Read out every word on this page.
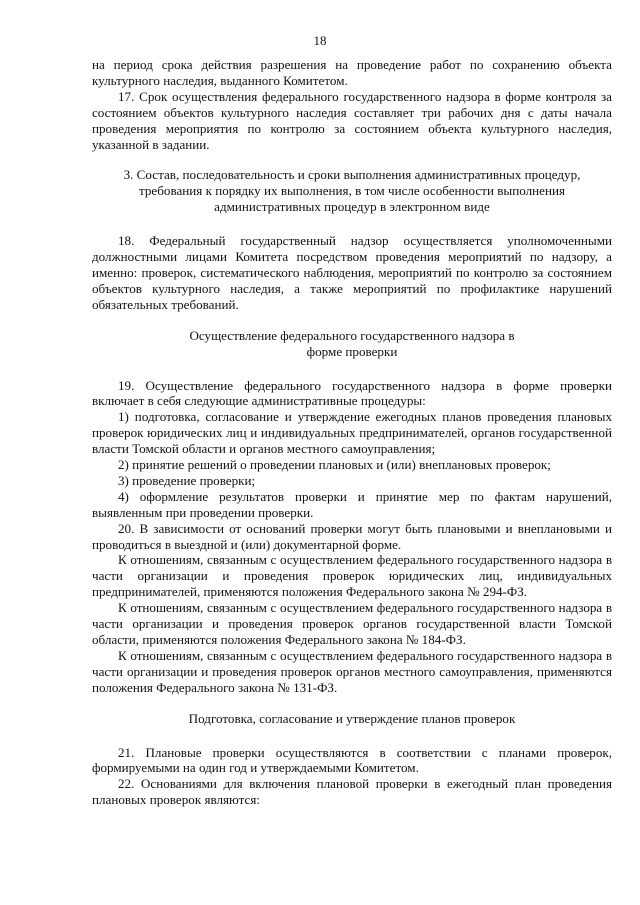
18
на период срока действия разрешения на проведение работ по сохранению объекта культурного наследия, выданного Комитетом.
17. Срок осуществления федерального государственного надзора в форме контроля за состоянием объектов культурного наследия составляет три рабочих дня с даты начала проведения мероприятия по контролю за состоянием объекта культурного наследия, указанной в задании.
3. Состав, последовательность и сроки выполнения административных процедур, требования к порядку их выполнения, в том числе особенности выполнения административных процедур в электронном виде
18. Федеральный государственный надзор осуществляется уполномоченными должностными лицами Комитета посредством проведения мероприятий по надзору, а именно: проверок, систематического наблюдения, мероприятий по контролю за состоянием объектов культурного наследия, а также мероприятий по профилактике нарушений обязательных требований.
Осуществление федерального государственного надзора в форме проверки
19. Осуществление федерального государственного надзора в форме проверки включает в себя следующие административные процедуры:
1) подготовка, согласование и утверждение ежегодных планов проведения плановых проверок юридических лиц и индивидуальных предпринимателей, органов государственной власти Томской области и органов местного самоуправления;
2) принятие решений о проведении плановых и (или) внеплановых проверок;
3) проведение проверки;
4) оформление результатов проверки и принятие мер по фактам нарушений, выявленным при проведении проверки.
20. В зависимости от оснований проверки могут быть плановыми и внеплановыми и проводиться в выездной и (или) документарной форме.
К отношениям, связанным с осуществлением федерального государственного надзора в части организации и проведения проверок юридических лиц, индивидуальных предпринимателей, применяются положения Федерального закона № 294-ФЗ.
К отношениям, связанным с осуществлением федерального государственного надзора в части организации и проведения проверок органов государственной власти Томской области, применяются положения Федерального закона № 184-ФЗ.
К отношениям, связанным с осуществлением федерального государственного надзора в части организации и проведения проверок органов местного самоуправления, применяются положения Федерального закона № 131-ФЗ.
Подготовка, согласование и утверждение планов проверок
21. Плановые проверки осуществляются в соответствии с планами проверок, формируемыми на один год и утверждаемыми Комитетом.
22. Основаниями для включения плановой проверки в ежегодный план проведения плановых проверок являются:
